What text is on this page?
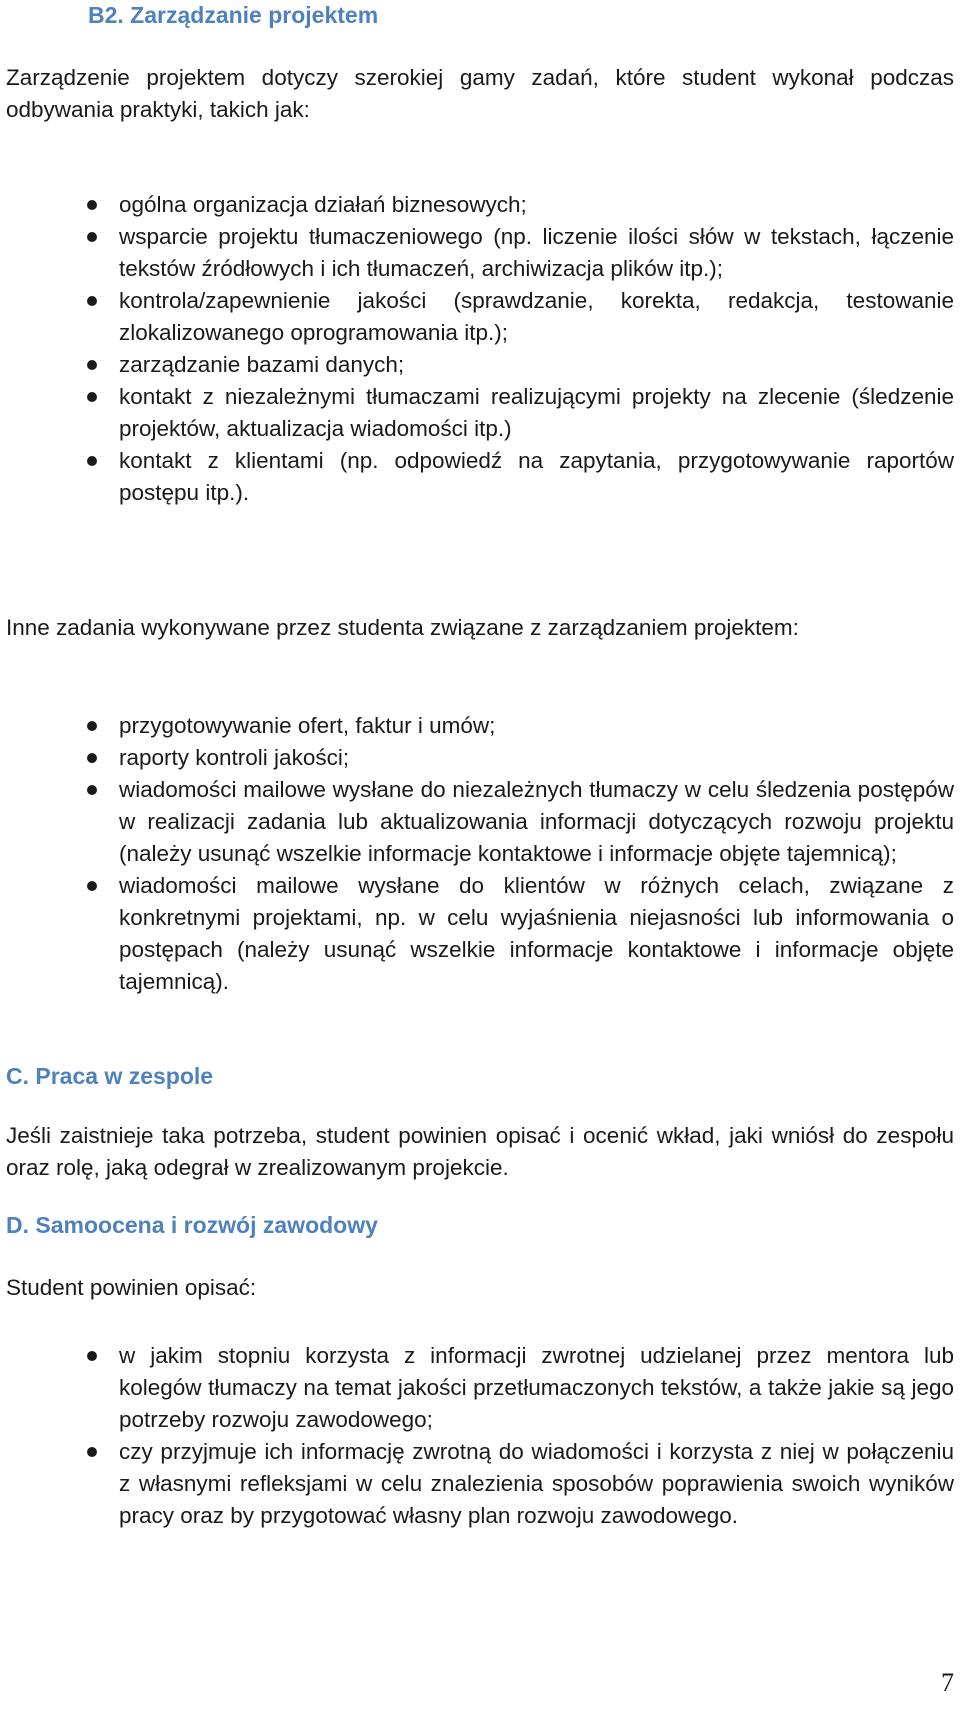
B2. Zarządzanie projektem

Zarządzenie projektem dotyczy szerokiej gamy zadań, które student wykonał podczas odbywania praktyki, takich jak:

ogólna organizacja działań biznesowych;
wsparcie projektu tłumaczeniowego (np. liczenie ilości słów w tekstach, łączenie tekstów źródłowych i ich tłumaczeń, archiwizacja plików itp.);
kontrola/zapewnienie jakości (sprawdzanie, korekta, redakcja, testowanie zlokalizowanego oprogramowania itp.);
zarządzanie bazami danych;
kontakt z niezależnymi tłumaczami realizującymi projekty na zlecenie (śledzenie projektów, aktualizacja wiadomości itp.)
kontakt z klientami (np. odpowiedź na zapytania, przygotowywanie raportów postępu itp.).

Inne zadania wykonywane przez studenta związane z zarządzaniem projektem:

przygotowywanie ofert, faktur i umów;
raporty kontroli jakości;
wiadomości mailowe wysłane do niezależnych tłumaczy w celu śledzenia postępów w realizacji zadania lub aktualizowania informacji dotyczących rozwoju projektu (należy usunąć wszelkie informacje kontaktowe i informacje objęte tajemnicą);
wiadomości mailowe wysłane do klientów w różnych celach, związane z konkretnymi projektami, np. w celu wyjaśnienia niejasności lub informowania o postępach (należy usunąć wszelkie informacje kontaktowe i informacje objęte tajemnicą).
C. Praca w zespole

Jeśli zaistnieje taka potrzeba, student powinien opisać i ocenić wkład, jaki wniósł do zespołu oraz rolę, jaką odegrał w zrealizowanym projekcie.

D. Samoocena i rozwój zawodowy

Student powinien opisać:

w jakim stopniu korzysta z informacji zwrotnej udzielanej przez mentora lub kolegów tłumaczy na temat jakości przetłumaczonych tekstów, a także jakie są jego potrzeby rozwoju zawodowego;
czy przyjmuje ich informację zwrotną do wiadomości i korzysta z niej w połączeniu z własnymi refleksjami w celu znalezienia sposobów poprawienia swoich wyników pracy oraz by przygotować własny plan rozwoju zawodowego.
7
